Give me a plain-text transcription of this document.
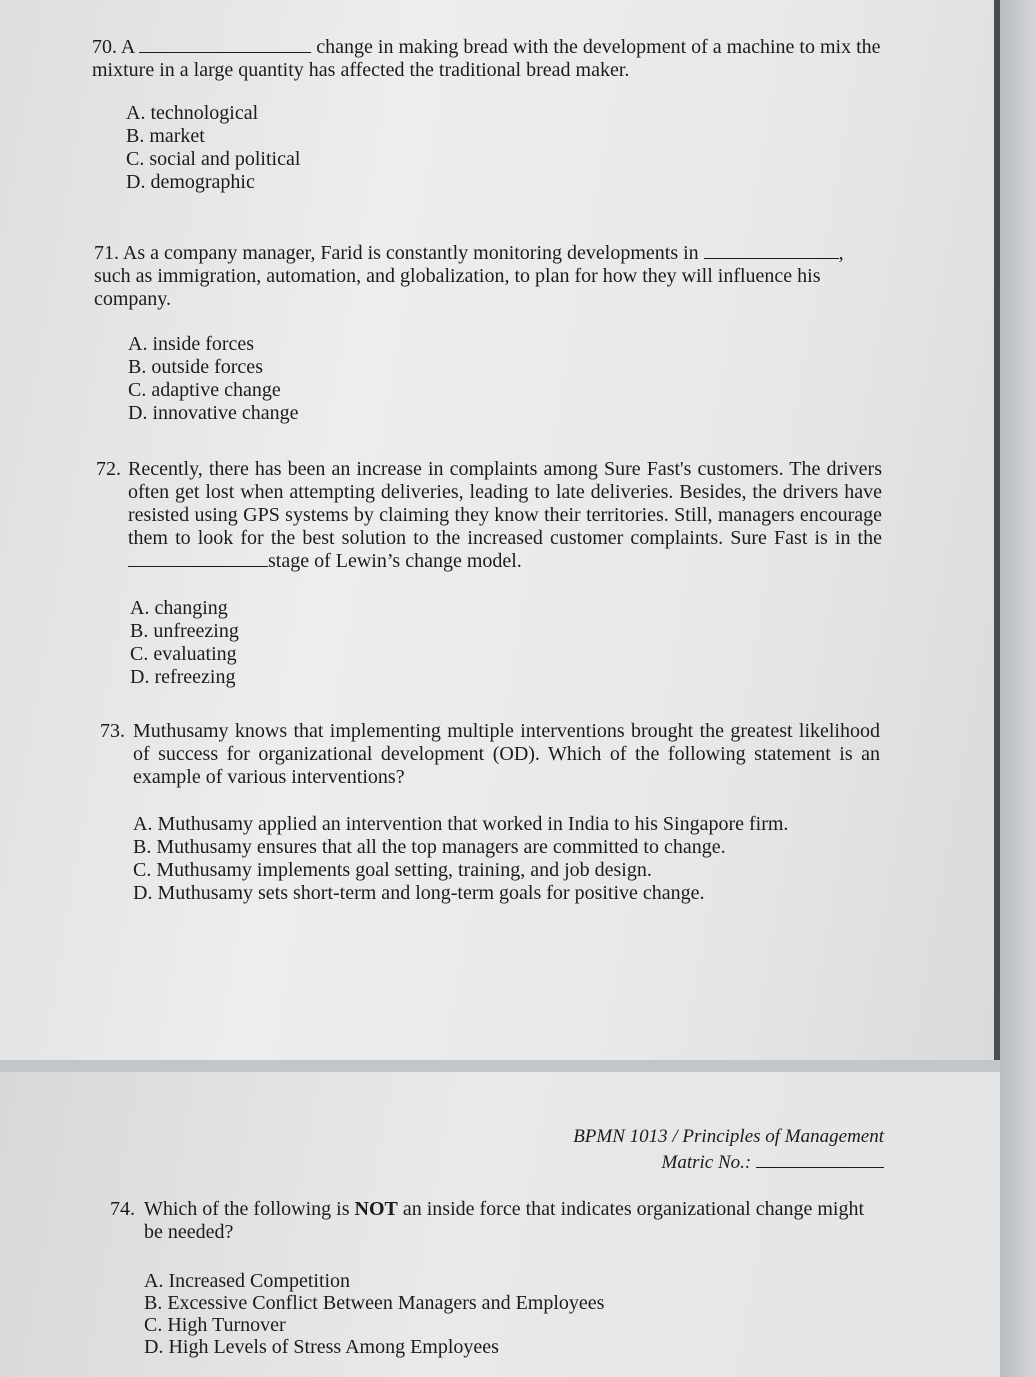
70. A	change in making bread with the development of a machine to mix the mixture in a large quantity has affected the traditional bread maker.

A. technological
B. market
C. social and political
D. demographic

71. As a company manager, Farid is constantly monitoring developments in	, such as immigration, automation, and globalization, to plan for how they will influence his company.

A. inside forces
B. outside forces
C. adaptive change
D. innovative change
72. Recently, there has been an increase in complaints among Sure Fast's customers. The drivers often get lost when attempting deliveries, leading to late deliveries. Besides, the drivers have resisted using GPS systems by claiming they know their territories. Still, managers encourage them to look for the best solution to the increased customer complaints. Sure Fast is in the stage of Lewin’s change model.

A. changing
B. unfreezing
C. evaluating
D. refreezing
73. Muthusamy knows that implementing multiple interventions brought the greatest likelihood of success for organizational development (OD). Which of the following statement is an example of various interventions?

A. Muthusamy applied an intervention that worked in India to his Singapore firm.
B. Muthusamy ensures that all the top managers are committed to change.
C. Muthusamy implements goal setting, training, and job design.
D. Muthusamy sets short-term and long-term goals for positive change.
BPMN 1013 / Principles of Management
Matric No.:
74. Which of the following is NOT an inside force that indicates organizational change might be needed?

A. Increased Competition
B. Excessive Conflict Between Managers and Employees
C. High Turnover
D. High Levels of Stress Among Employees
